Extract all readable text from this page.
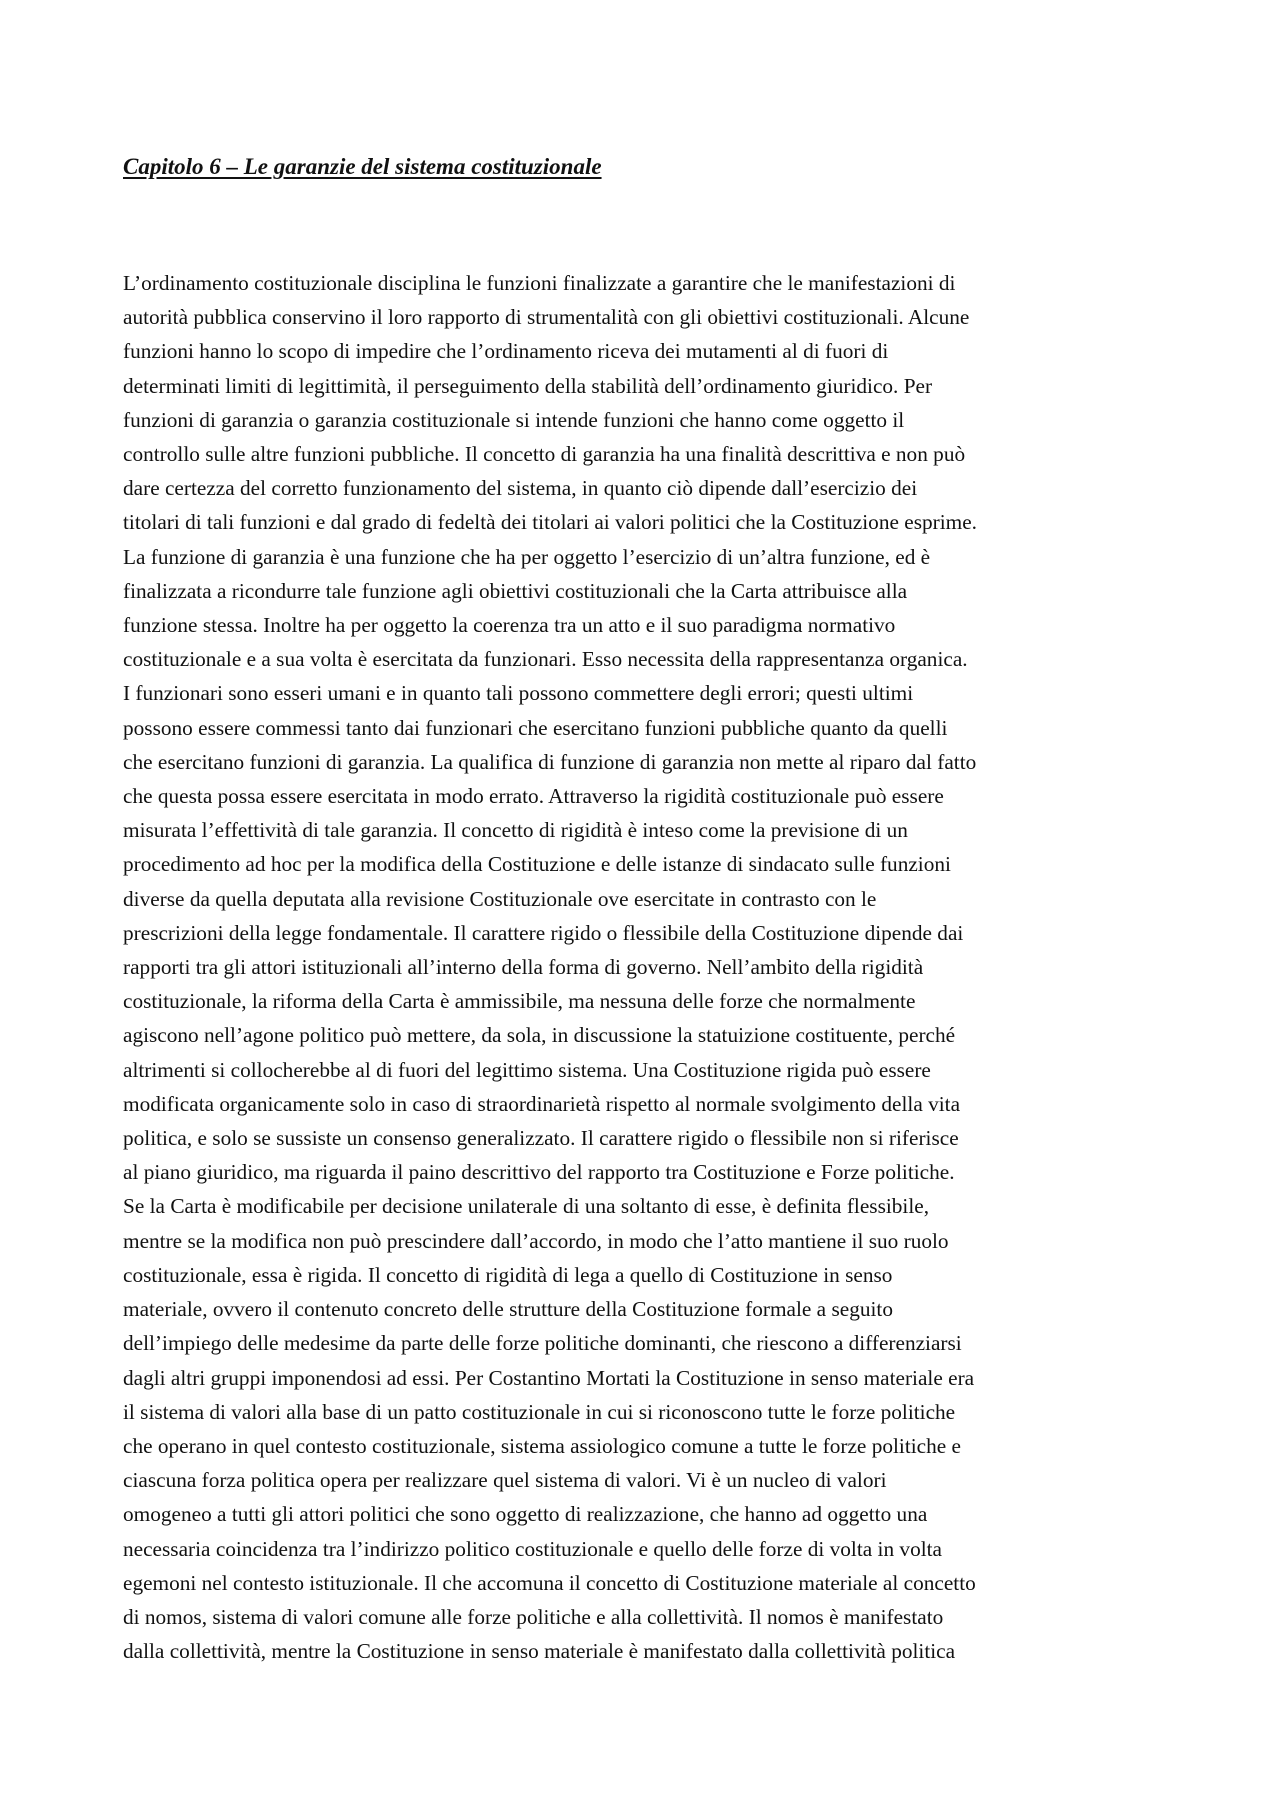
Capitolo 6 – Le garanzie del sistema costituzionale
L’ordinamento costituzionale disciplina le funzioni finalizzate a garantire che le manifestazioni di
autorità pubblica conservino il loro rapporto di strumentalità con gli obiettivi costituzionali. Alcune
funzioni hanno lo scopo di impedire che l’ordinamento riceva dei mutamenti al di fuori di
determinati limiti di legittimità, il perseguimento della stabilità dell’ordinamento giuridico. Per
funzioni di garanzia o garanzia costituzionale si intende funzioni che hanno come oggetto il
controllo sulle altre funzioni pubbliche. Il concetto di garanzia ha una finalità descrittiva e non può
dare certezza del corretto funzionamento del sistema, in quanto ciò dipende dall’esercizio dei
titolari di tali funzioni e dal grado di fedeltà dei titolari ai valori politici che la Costituzione esprime.
La funzione di garanzia è una funzione che ha per oggetto l’esercizio di un’altra funzione, ed è
finalizzata a ricondurre tale funzione agli obiettivi costituzionali che la Carta attribuisce alla
funzione stessa. Inoltre ha per oggetto la coerenza tra un atto e il suo paradigma normativo
costituzionale e a sua volta è esercitata da funzionari. Esso necessita della rappresentanza organica.
I funzionari sono esseri umani e in quanto tali possono commettere degli errori; questi ultimi
possono essere commessi tanto dai funzionari che esercitano funzioni pubbliche quanto da quelli
che esercitano funzioni di garanzia. La qualifica di funzione di garanzia non mette al riparo dal fatto
che questa possa essere esercitata in modo errato. Attraverso la rigidità costituzionale può essere
misurata l’effettività di tale garanzia. Il concetto di rigidità è inteso come la previsione di un
procedimento ad hoc per la modifica della Costituzione e delle istanze di sindacato sulle funzioni
diverse da quella deputata alla revisione Costituzionale ove esercitate in contrasto con le
prescrizioni della legge fondamentale. Il carattere rigido o flessibile della Costituzione dipende dai
rapporti tra gli attori istituzionali all’interno della forma di governo. Nell’ambito della rigidità
costituzionale, la riforma della Carta è ammissibile, ma nessuna delle forze che normalmente
agiscono nell’agone politico può mettere, da sola, in discussione la statuizione costituente, perché
altrimenti si collocherebbe al di fuori del legittimo sistema. Una Costituzione rigida può essere
modificata organicamente solo in caso di straordinarietà rispetto al normale svolgimento della vita
politica, e solo se sussiste un consenso generalizzato. Il carattere rigido o flessibile non si riferisce
al piano giuridico, ma riguarda il paino descrittivo del rapporto tra Costituzione e Forze politiche.
Se la Carta è modificabile per decisione unilaterale di una soltanto di esse, è definita flessibile,
mentre se la modifica non può prescindere dall’accordo, in modo che l’atto mantiene il suo ruolo
costituzionale, essa è rigida. Il concetto di rigidità di lega a quello di Costituzione in senso
materiale, ovvero il contenuto concreto delle strutture della Costituzione formale a seguito
dell’impiego delle medesime da parte delle forze politiche dominanti, che riescono a differenziarsi
dagli altri gruppi imponendosi ad essi. Per Costantino Mortati la Costituzione in senso materiale era
il sistema di valori alla base di un patto costituzionale in cui si riconoscono tutte le forze politiche
che operano in quel contesto costituzionale, sistema assiologico comune a tutte le forze politiche e
ciascuna forza politica opera per realizzare quel sistema di valori. Vi è un nucleo di valori
omogeneo a tutti gli attori politici che sono oggetto di realizzazione, che hanno ad oggetto una
necessaria coincidenza tra l’indirizzo politico costituzionale e quello delle forze di volta in volta
egemoni nel contesto istituzionale. Il che accomuna il concetto di Costituzione materiale al concetto
di nomos, sistema di valori comune alle forze politiche e alla collettività. Il nomos è manifestato
dalla collettività, mentre la Costituzione in senso materiale è manifestato dalla collettività politica
